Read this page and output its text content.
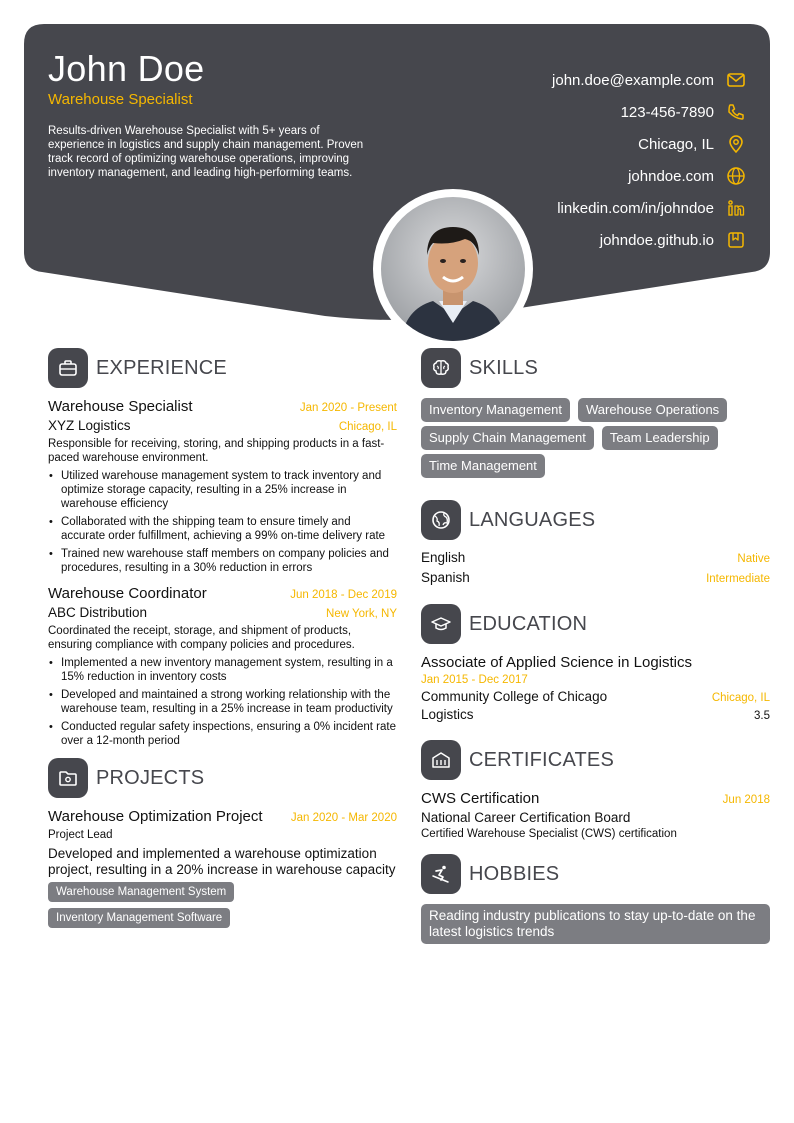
John Doe
Warehouse Specialist
Results-driven Warehouse Specialist with 5+ years of experience in logistics and supply chain management. Proven track record of optimizing warehouse operations, improving inventory management, and leading high-performing teams.
john.doe@example.com
123-456-7890
Chicago, IL
johndoe.com
linkedin.com/in/johndoe
johndoe.github.io
EXPERIENCE
Warehouse Specialist	Jan 2020 - Present
XYZ Logistics	Chicago, IL
Responsible for receiving, storing, and shipping products in a fast-paced warehouse environment.
• Utilized warehouse management system to track inventory and optimize storage capacity, resulting in a 25% increase in warehouse efficiency
• Collaborated with the shipping team to ensure timely and accurate order fulfillment, achieving a 99% on-time delivery rate
• Trained new warehouse staff members on company policies and procedures, resulting in a 30% reduction in errors
Warehouse Coordinator	Jun 2018 - Dec 2019
ABC Distribution	New York, NY
Coordinated the receipt, storage, and shipment of products, ensuring compliance with company policies and procedures.
• Implemented a new inventory management system, resulting in a 15% reduction in inventory costs
• Developed and maintained a strong working relationship with the warehouse team, resulting in a 25% increase in team productivity
• Conducted regular safety inspections, ensuring a 0% incident rate over a 12-month period
PROJECTS
Warehouse Optimization Project Jan 2020 - Mar 2020
Project Lead
Developed and implemented a warehouse optimization project, resulting in a 20% increase in warehouse capacity
Warehouse Management System
Inventory Management Software
SKILLS
Inventory Management	Warehouse Operations
Supply Chain Management	Team Leadership
Time Management
LANGUAGES
English	Native
Spanish	Intermediate
EDUCATION
Associate of Applied Science in Logistics
Jan 2015 - Dec 2017
Community College of Chicago	Chicago, IL
Logistics	3.5
CERTIFICATES
CWS Certification	Jun 2018
National Career Certification Board
Certified Warehouse Specialist (CWS) certification
HOBBIES
Reading industry publications to stay up-to-date on the latest logistics trends
